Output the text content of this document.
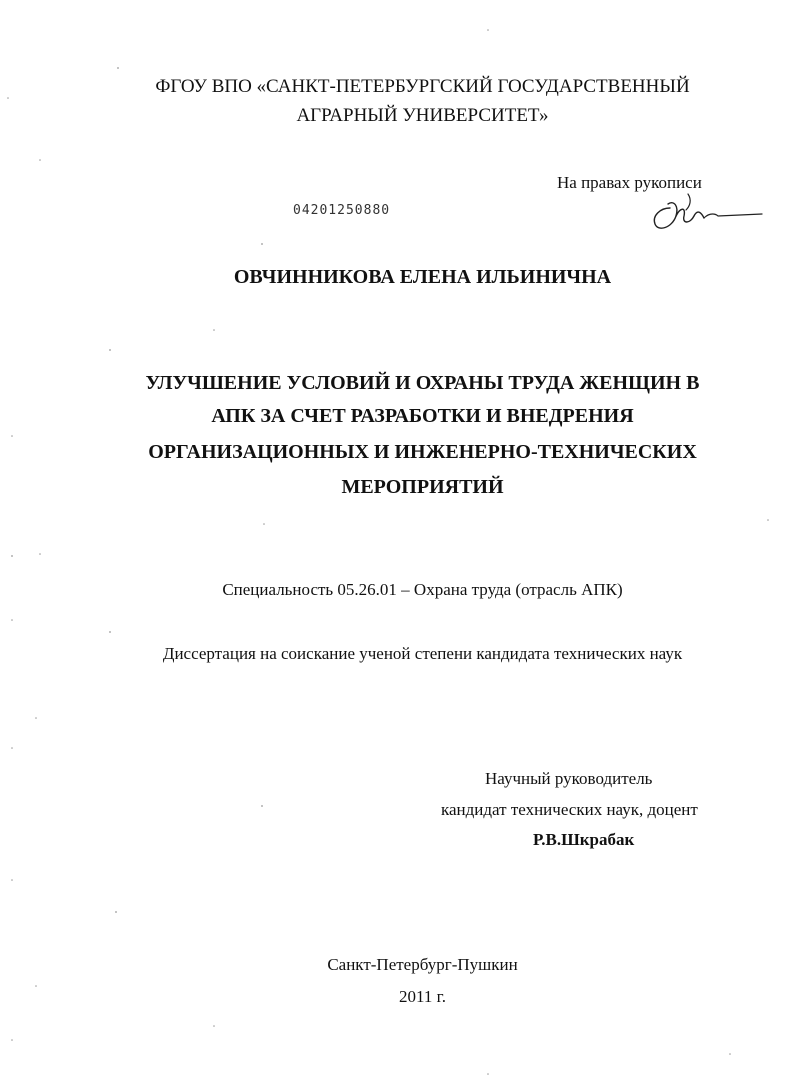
ФГОУ ВПО «САНКТ-ПЕТЕРБУРГСКИЙ ГОСУДАРСТВЕННЫЙ
АГРАРНЫЙ УНИВЕРСИТЕТ»
На правах рукописи
04201250880
ОВЧИННИКОВА ЕЛЕНА ИЛЬИНИЧНА
УЛУЧШЕНИЕ УСЛОВИЙ И ОХРАНЫ ТРУДА ЖЕНЩИН В
АПК ЗА СЧЕТ РАЗРАБОТКИ И ВНЕДРЕНИЯ
ОРГАНИЗАЦИОННЫХ И ИНЖЕНЕРНО-ТЕХНИЧЕСКИХ
МЕРОПРИЯТИЙ
Специальность 05.26.01 – Охрана труда (отрасль АПК)
Диссертация на соискание ученой степени кандидата технических наук
Научный руководитель
кандидат технических наук, доцент
Р.В.Шкрабак
Санкт-Петербург-Пушкин
2011 г.
